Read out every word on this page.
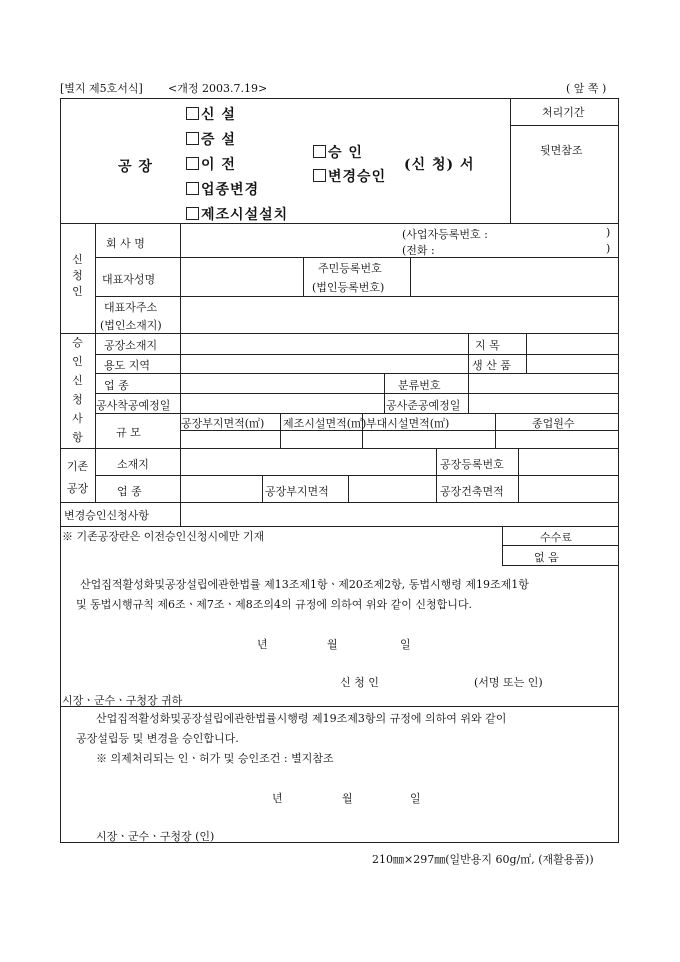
[별지 제5호서식] <개정 2003.7.19>	( 앞 쪽 )
공 장
신 설
증 설
이 전
업종변경
제조시설설치
승 인
변경승인
(신 청) 서
처리기간
뒷면참조
신
청
인
회 사 명
(사업자등록번호 :	)
(전화 :	)
대표자성명
주민등록번호
(법인등록번호)
대표자주소
(법인소재지)
승
인
신
청
사
항
공장소재지	지 목
용도 지역	생 산 품
업 종	분류번호
공사착공예정일	공사준공예정일
규 모
공장부지면적(㎡) 제조시설면적(㎡) 부대시설면적(㎡)	종업원수
기존
공장
소재지	공장등록번호
업 종	공장부지면적	공장건축면적
변경승인신청사항
※ 기존공장란은 이전승인신청시에만 기재	수수료
없 음
산업집적활성화및공장설립에관한법률 제13조제1항ㆍ제20조제2항, 동법시행령 제19조제1항
및 동법시행규칙 제6조ㆍ제7조ㆍ제8조의4의 규정에 의하여 위와 같이 신청합니다.
년	월	일
신 청 인	(서명 또는 인)
시장ㆍ군수ㆍ구청장 귀하
산업집적활성화및공장설립에관한법률시행령 제19조제3항의 규정에 의하여 위와 같이
공장설립등 및 변경을 승인합니다.
※ 의제처리되는 인ㆍ허가 및 승인조건 : 별지참조
년	월	일
시장ㆍ군수ㆍ구청장 (인)
210㎜×297㎜(일반용지 60g/㎡, (재활용품))
